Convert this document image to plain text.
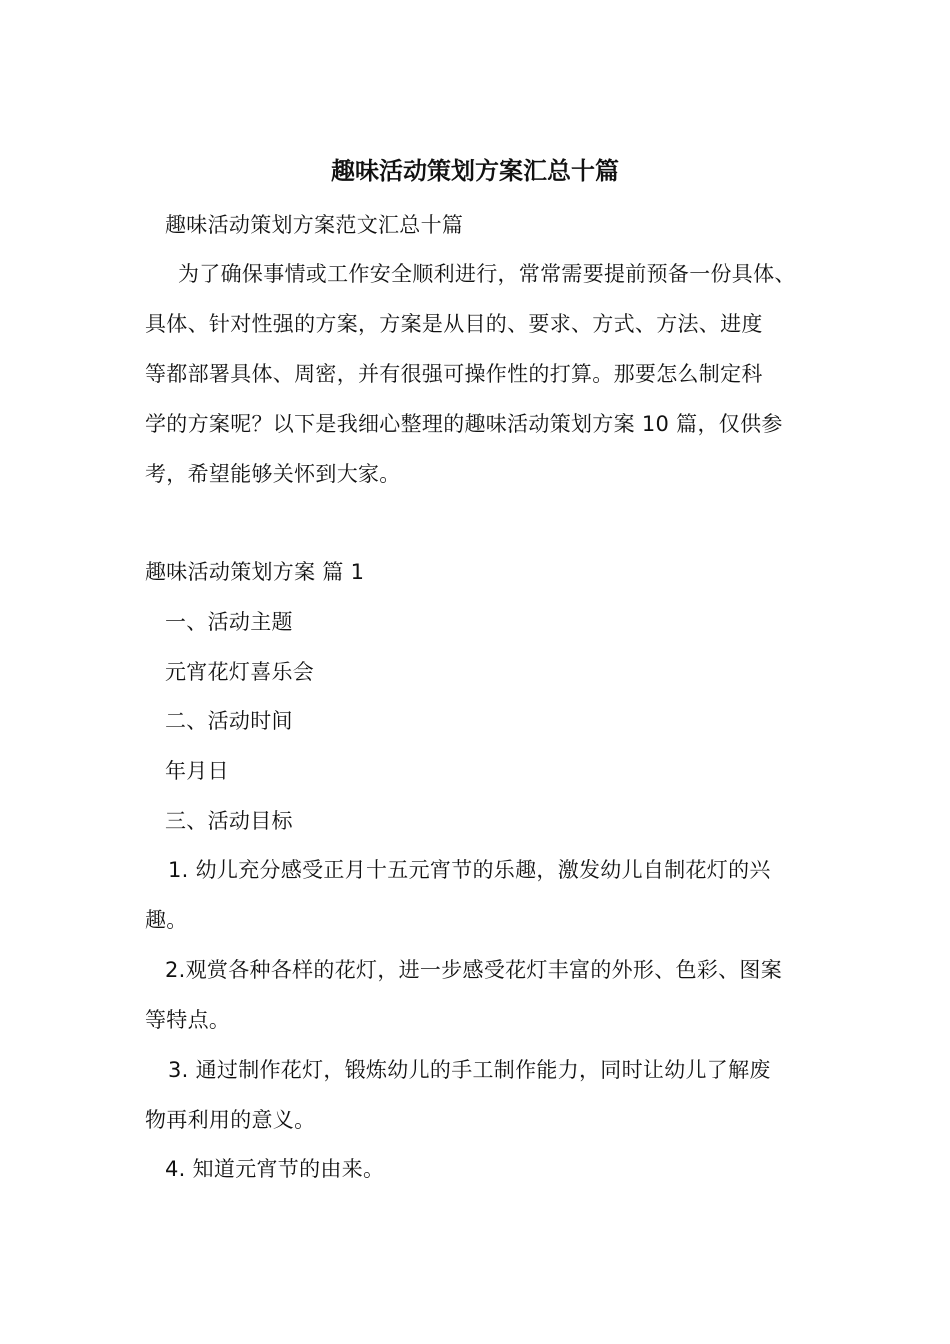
趣味活动策划方案汇总十篇
趣味活动策划方案范文汇总十篇
为了确保事情或工作安全顺利进行，常常需要提前预备一份具体、
具体、针对性强的方案，方案是从目的、要求、方式、方法、进度
等都部署具体、周密，并有很强可操作性的打算。那要怎么制定科
学的方案呢？以下是我细心整理的趣味活动策划方案 10 篇，仅供参
考，希望能够关怀到大家。
趣味活动策划方案 篇 1
一、活动主题
元宵花灯喜乐会
二、活动时间
年月日
三、活动目标
1. 幼儿充分感受正月十五元宵节的乐趣，激发幼儿自制花灯的兴
趣。
2.观赏各种各样的花灯，进一步感受花灯丰富的外形、色彩、图案
等特点。
3. 通过制作花灯，锻炼幼儿的手工制作能力，同时让幼儿了解废
物再利用的意义。
4. 知道元宵节的由来。
